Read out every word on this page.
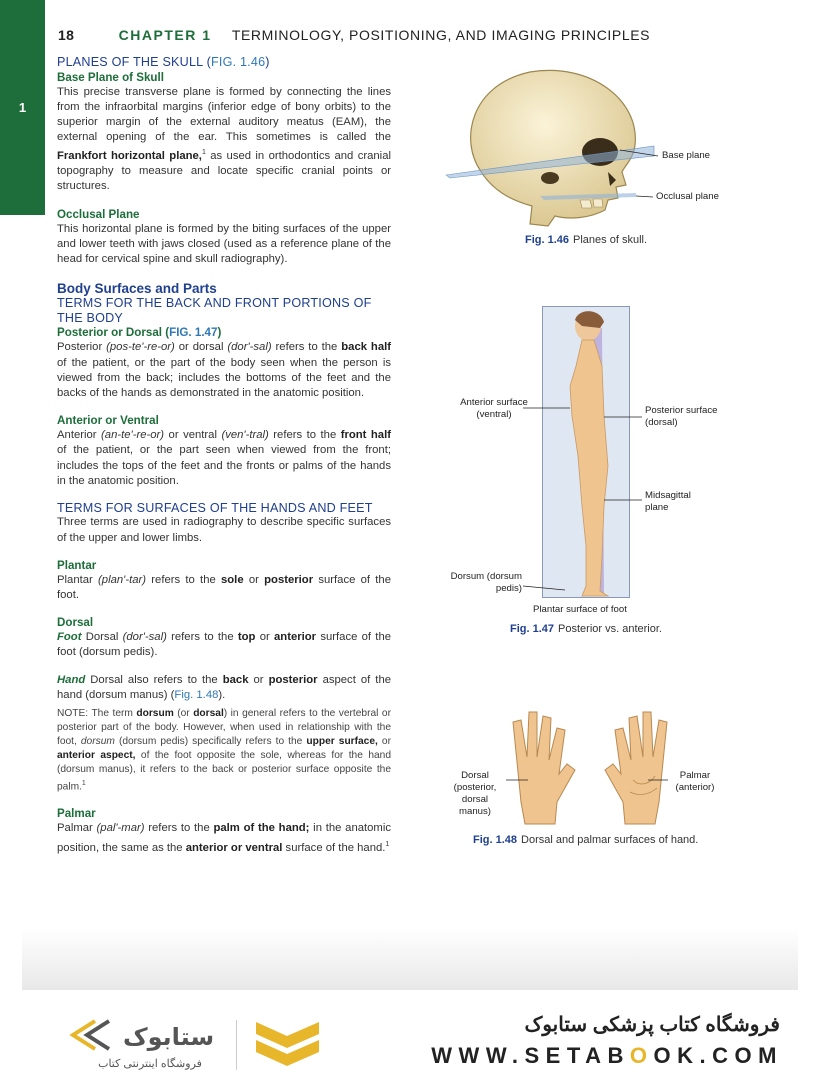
1
18	CHAPTER 1 TERMINOLOGY, POSITIONING, AND IMAGING PRINCIPLES
PLANES OF THE SKULL (FIG. 1.46)
Base Plane of Skull

This precise transverse plane is formed by connecting the lines from the infraorbital margins (inferior edge of bony orbits) to the superior margin of the external auditory meatus (EAM), the external opening of the ear. This sometimes is called the Frankfort horizontal plane,$^1$ as used in orthodontics and cranial topography to measure and locate specific cranial points or structures.

Occlusal Plane

This horizontal plane is formed by the biting surfaces of the upper and lower teeth with jaws closed (used as a reference plane of the head for cervical spine and skull radiography).

Body Surfaces and Parts
TERMS FOR THE BACK AND FRONT PORTIONS OF THE BODY
Posterior or Dorsal (FIG. 1.47)

Posterior (pos-te'-re-or) or dorsal (dor'-sal) refers to the back half of the patient, or the part of the body seen when the person is viewed from the back; includes the bottoms of the feet and the backs of the hands as demonstrated in the anatomic position.

Anterior or Ventral

Anterior (an-te'-re-or) or ventral (ven'-tral) refers to the front half of the patient, or the part seen when viewed from the front; includes the tops of the feet and the fronts or palms of the hands in the anatomic position.

TERMS FOR SURFACES OF THE HANDS AND FEET

Three terms are used in radiography to describe specific surfaces of the upper and lower limbs.

Plantar

Plantar (plan'-tar) refers to the sole or posterior surface of the foot.

Dorsal

Foot Dorsal (dor'-sal) refers to the top or anterior surface of the foot (dorsum pedis).

Hand Dorsal also refers to the back or posterior aspect of the hand (dorsum manus) (Fig. 1.48).

NOTE: The term dorsum (or dorsal) in general refers to the vertebral or posterior part of the body. However, when used in relationship with the foot, dorsum (dorsum pedis) specifically refers to the upper surface, or anterior aspect, of the foot opposite the sole, whereas for the hand (dorsum manus), it refers to the back or posterior surface opposite the palm.$^1$

Palmar

Palmar (pal'-mar) refers to the palm of the hand; in the anatomic position, the same as the anterior or ventral surface of the hand.$^1$

Base plane
Occlusal plane
Fig. 1.46 Planes of skull.
Anterior surface
(ventral)	Posterior surface
(dorsal)
Midsagittal
plane
Dorsum (dorsum
pedis)
Plantar surface of foot
Fig. 1.47 Posterior vs. anterior.
Dorsal
(posterior,
dorsal
manus)
Palmar
(anterior)
Fig. 1.48 Dorsal and palmar surfaces of hand.
ستابوک
فروشگاه اینترنتی کتاب
فروشگاه کتاب پزشکی ستابوک
WWW.SETABOOK.COM
